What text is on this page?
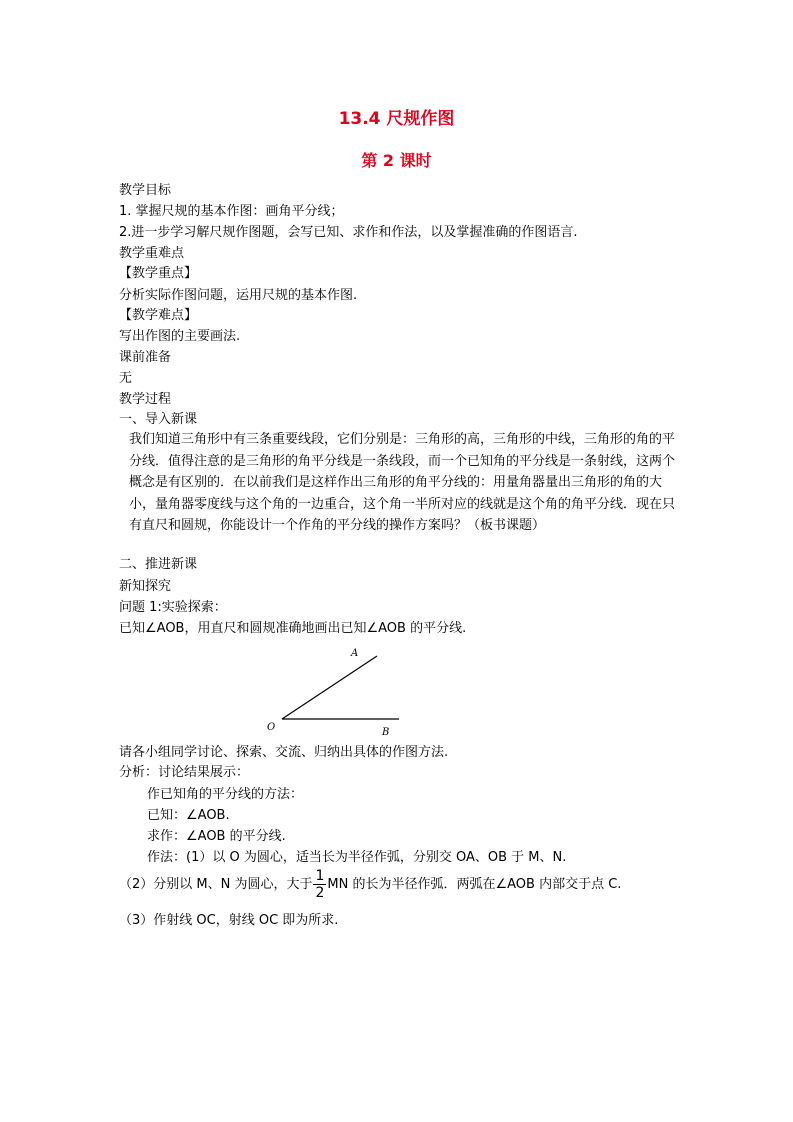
13.4 尺规作图
第 2 课时
教学目标
1. 掌握尺规的基本作图：画角平分线；
2.进一步学习解尺规作图题，会写已知、求作和作法，以及掌握准确的作图语言.
教学重难点
【教学重点】
分析实际作图问题，运用尺规的基本作图.
【教学难点】
写出作图的主要画法.
课前准备
无
教学过程
一、导入新课
我们知道三角形中有三条重要线段，它们分别是：三角形的高，三角形的中线，三角形的角的平分线．值得注意的是三角形的角平分线是一条线段，而一个已知角的平分线是一条射线，这两个概念是有区别的．在以前我们是这样作出三角形的角平分线的：用量角器量出三角形的角的大小，量角器零度线与这个角的一边重合，这个角一半所对应的线就是这个角的角平分线．现在只有直尺和圆规，你能设计一个作角的平分线的操作方案吗？（板书课题）
二、推进新课
新知探究
问题 1:实验探索：
已知∠AOB，用直尺和圆规准确地画出已知∠AOB 的平分线.
A
O	B
请各小组同学讨论、探索、交流、归纳出具体的作图方法.
分析：讨论结果展示：
作已知角的平分线的方法：
已知：∠AOB.
求作：∠AOB 的平分线.
作法：(1）以 O 为圆心，适当长为半径作弧，分别交 OA、OB 于 M、N.
（2）分别以 M、N 为圆心，大于 $\frac{1}{2}$ MN 的长为半径作弧．两弧在∠AOB 内部交于点 C.
（3）作射线 OC，射线 OC 即为所求.
